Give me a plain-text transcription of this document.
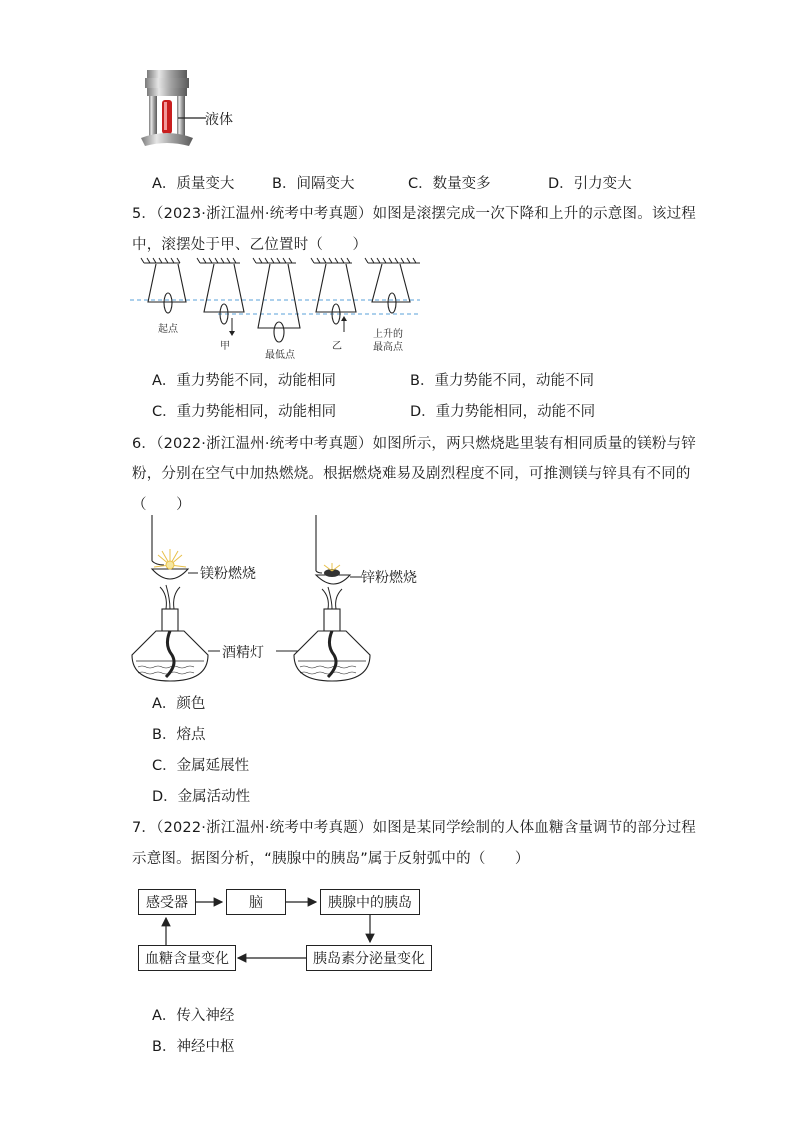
液体
A．质量变大	B．间隔变大	C．数量变多	D．引力变大
5．（2023·浙江温州·统考中考真题）如图是滚摆完成一次下降和上升的示意图。该过程
中，滚摆处于甲、乙位置时（　　）
起点
甲
最低点
乙
上升的
最高点
A．重力势能不同，动能相同	B．重力势能不同，动能不同
C．重力势能相同，动能相同	D．重力势能相同，动能不同
6．（2022·浙江温州·统考中考真题）如图所示，两只燃烧匙里装有相同质量的镁粉与锌
粉，分别在空气中加热燃烧。根据燃烧难易及剧烈程度不同，可推测镁与锌具有不同的
（　　）
镁粉燃烧	锌粉燃烧
酒精灯
A．颜色
B．熔点
C．金属延展性
D．金属活动性
7．（2022·浙江温州·统考中考真题）如图是某同学绘制的人体血糖含量调节的部分过程
示意图。据图分析，“胰腺中的胰岛”属于反射弧中的（　　）
感受器	脑	胰腺中的胰岛
胰岛素分泌量变化
血糖含量变化
A．传入神经
B．神经中枢
